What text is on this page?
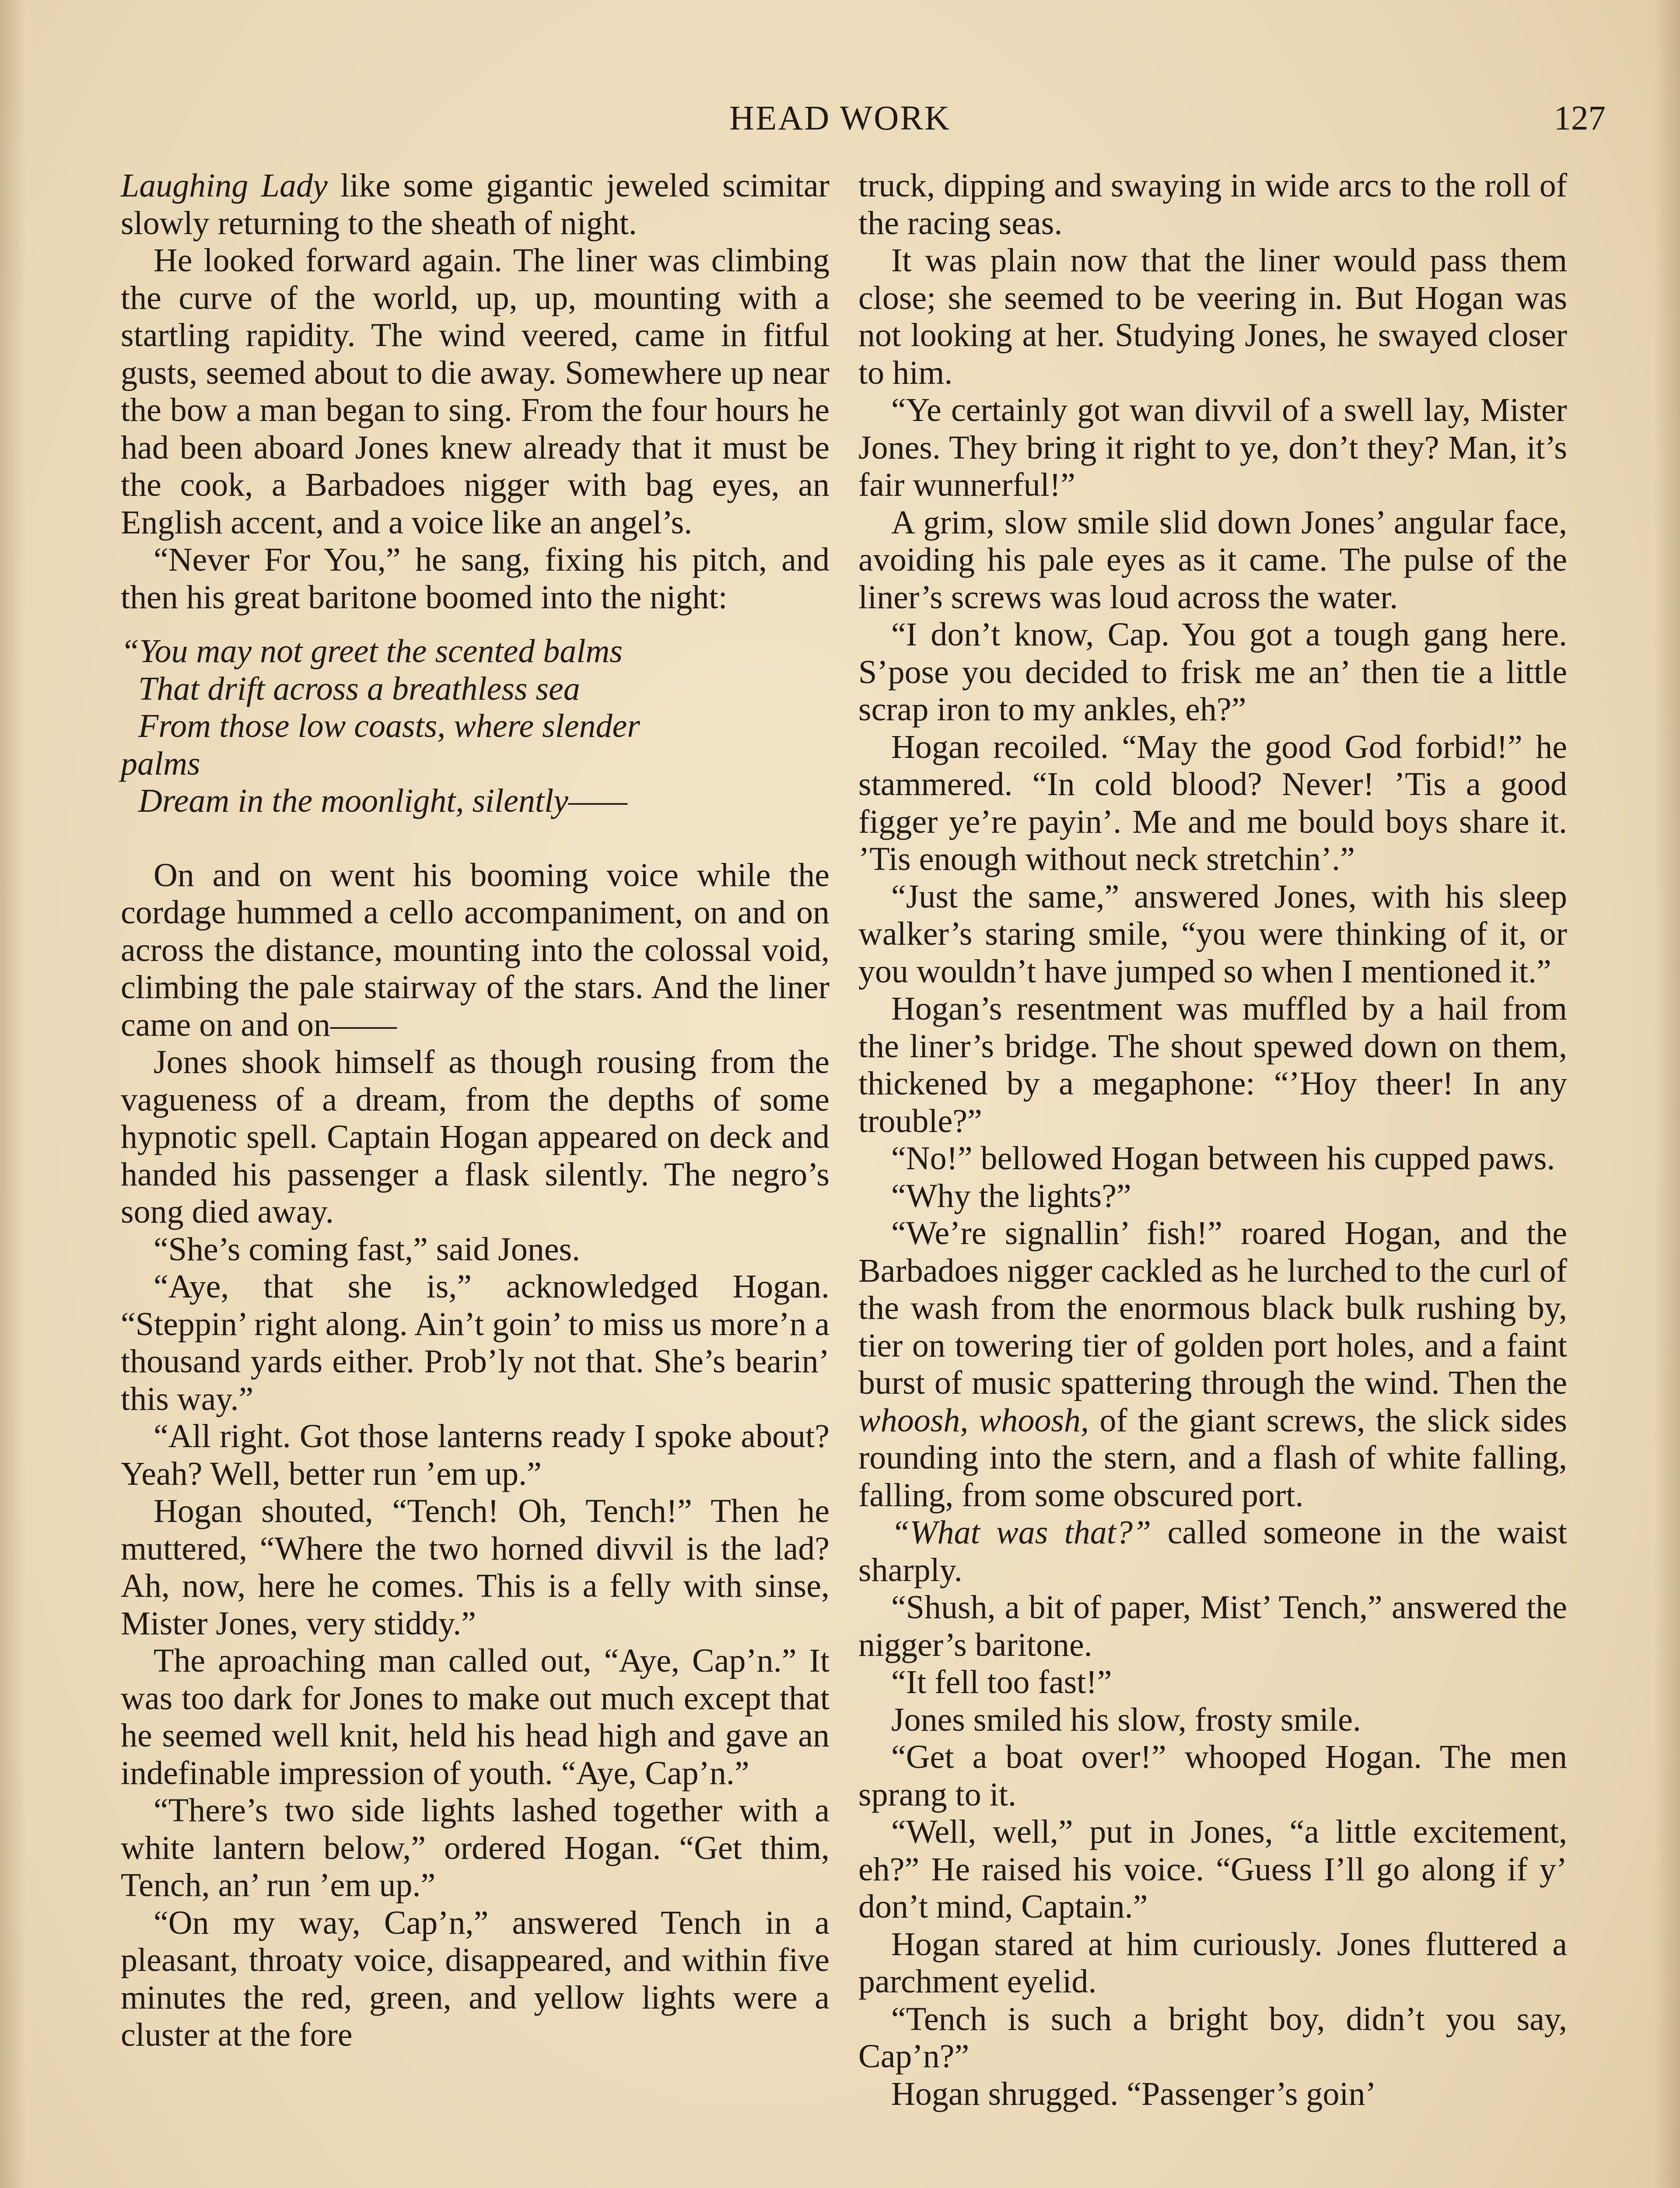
HEAD WORK	127

Laughing Lady like some gigantic jeweled scimitar slowly returning to the sheath of night.

He looked forward again. The liner was climbing the curve of the world, up, up, mounting with a startling rapidity. The wind veered, came in fitful gusts, seemed about to die away. Somewhere up near the bow a man began to sing. From the four hours he had been aboard Jones knew already that it must be the cook, a Barbadoes nigger with bag eyes, an English accent, and a voice like an angel’s.

“Never For You,” he sang, fixing his pitch, and then his great baritone boomed into the night:

“You may not greet the scented balms
That drift across a breathless sea
From those low coasts, where slender
palms
Dream in the moonlight, silently——

On and on went his booming voice while the cordage hummed a cello accompaniment, on and on across the distance, mounting into the colossal void, climbing the pale stairway of the stars. And the liner came on and on——

Jones shook himself as though rousing from the vagueness of a dream, from the depths of some hypnotic spell. Captain Hogan appeared on deck and handed his passenger a flask silently. The negro’s song died away.

“She’s coming fast,” said Jones.

“Aye, that she is,” acknowledged Hogan. “Steppin’ right along. Ain’t goin’ to miss us more’n a thousand yards either. Prob’ly not that. She’s bearin’ this way.”

“All right. Got those lanterns ready I spoke about? Yeah? Well, better run ’em up.”

Hogan shouted, “Tench! Oh, Tench!” Then he muttered, “Where the two horned divvil is the lad? Ah, now, here he comes. This is a felly with sinse, Mister Jones, very stiddy.”

The aproaching man called out, “Aye, Cap’n.” It was too dark for Jones to make out much except that he seemed well knit, held his head high and gave an indefinable impression of youth. “Aye, Cap’n.”

“There’s two side lights lashed together with a white lantern below,” ordered Hogan. “Get thim, Tench, an’ run ’em up.”

“On my way, Cap’n,” answered Tench in a pleasant, throaty voice, disappeared, and within five minutes the red, green, and yellow lights were a cluster at the fore

truck, dipping and swaying in wide arcs to the roll of the racing seas.

It was plain now that the liner would pass them close; she seemed to be veering in. But Hogan was not looking at her. Studying Jones, he swayed closer to him.

“Ye certainly got wan divvil of a swell lay, Mister Jones. They bring it right to ye, don’t they? Man, it’s fair wunnerful!”

A grim, slow smile slid down Jones’ angular face, avoiding his pale eyes as it came. The pulse of the liner’s screws was loud across the water.

“I don’t know, Cap. You got a tough gang here. S’pose you decided to frisk me an’ then tie a little scrap iron to my ankles, eh?”

Hogan recoiled. “May the good God forbid!” he stammered. “In cold blood? Never! ’Tis a good figger ye’re payin’. Me and me bould boys share it. ’Tis enough without neck stretchin’.”

“Just the same,” answered Jones, with his sleep walker’s staring smile, “you were thinking of it, or you wouldn’t have jumped so when I mentioned it.”

Hogan’s resentment was muffled by a hail from the liner’s bridge. The shout spewed down on them, thickened by a megaphone: “’Hoy theer! In any trouble?”

“No!” bellowed Hogan between his cupped paws.

“Why the lights?”

“We’re signallin’ fish!” roared Hogan, and the Barbadoes nigger cackled as he lurched to the curl of the wash from the enormous black bulk rushing by, tier on towering tier of golden port holes, and a faint burst of music spattering through the wind. Then the whoosh, whoosh, of the giant screws, the slick sides rounding into the stern, and a flash of white falling, falling, from some obscured port.

“What was that?” called someone in the waist sharply.

“Shush, a bit of paper, Mist’ Tench,” answered the nigger’s baritone.

“It fell too fast!”

Jones smiled his slow, frosty smile.

“Get a boat over!” whooped Hogan. The men sprang to it.

“Well, well,” put in Jones, “a little excitement, eh?” He raised his voice. “Guess I’ll go along if y’ don’t mind, Captain.”

Hogan stared at him curiously. Jones fluttered a parchment eyelid.

“Tench is such a bright boy, didn’t you say, Cap’n?”

Hogan shrugged. “Passenger’s goin’
